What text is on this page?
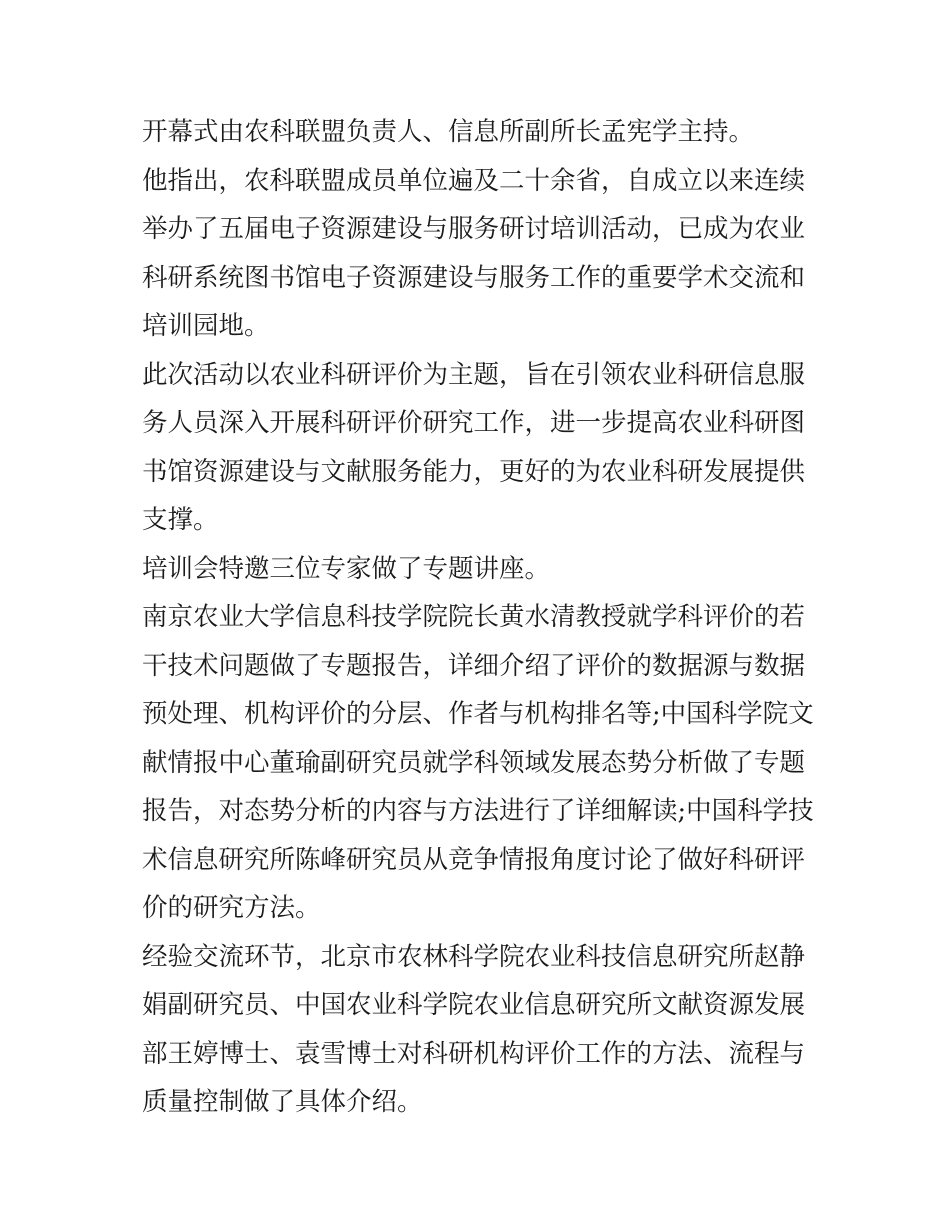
开幕式由农科联盟负责人、信息所副所长孟宪学主持。

他指出，农科联盟成员单位遍及二十余省，自成立以来连续举办了五届电子资源建设与服务研讨培训活动，已成为农业科研系统图书馆电子资源建设与服务工作的重要学术交流和培训园地。

此次活动以农业科研评价为主题，旨在引领农业科研信息服务人员深入开展科研评价研究工作，进一步提高农业科研图书馆资源建设与文献服务能力，更好的为农业科研发展提供支撑。

培训会特邀三位专家做了专题讲座。

南京农业大学信息科技学院院长黄水清教授就学科评价的若干技术问题做了专题报告，详细介绍了评价的数据源与数据预处理、机构评价的分层、作者与机构排名等;中国科学院文献情报中心董瑜副研究员就学科领域发展态势分析做了专题报告，对态势分析的内容与方法进行了详细解读;中国科学技术信息研究所陈峰研究员从竞争情报角度讨论了做好科研评价的研究方法。

经验交流环节，北京市农林科学院农业科技信息研究所赵静娟副研究员、中国农业科学院农业信息研究所文献资源发展部王婷博士、袁雪博士对科研机构评价工作的方法、流程与质量控制做了具体介绍。
